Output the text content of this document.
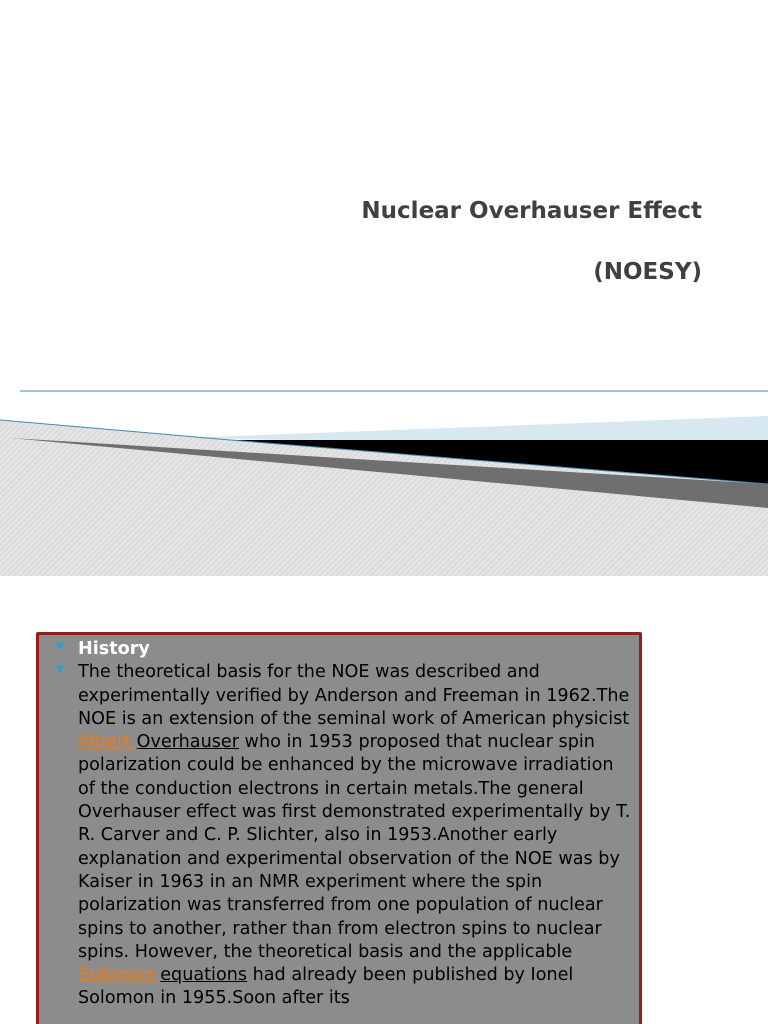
Nuclear Overhauser Effect
(NOESY)
▼ History
▼ The theoretical basis for the NOE was described and experimentally verified by Anderson and Freeman in 1962.The NOE is an extension of the seminal work of American physicist Albert Overhauser who in 1953 proposed that nuclear spin polarization could be enhanced by the microwave irradiation of the conduction electrons in certain metals.The general Overhauser effect was first demonstrated experimentally by T. R. Carver and C. P. Slichter, also in 1953.Another early explanation and experimental observation of the NOE was by Kaiser in 1963 in an NMR experiment where the spin polarization was transferred from one population of nuclear spins to another, rather than from electron spins to nuclear spins. However, the theoretical basis and the applicable Solomon equations had already been published by Ionel Solomon in 1955.Soon after its
